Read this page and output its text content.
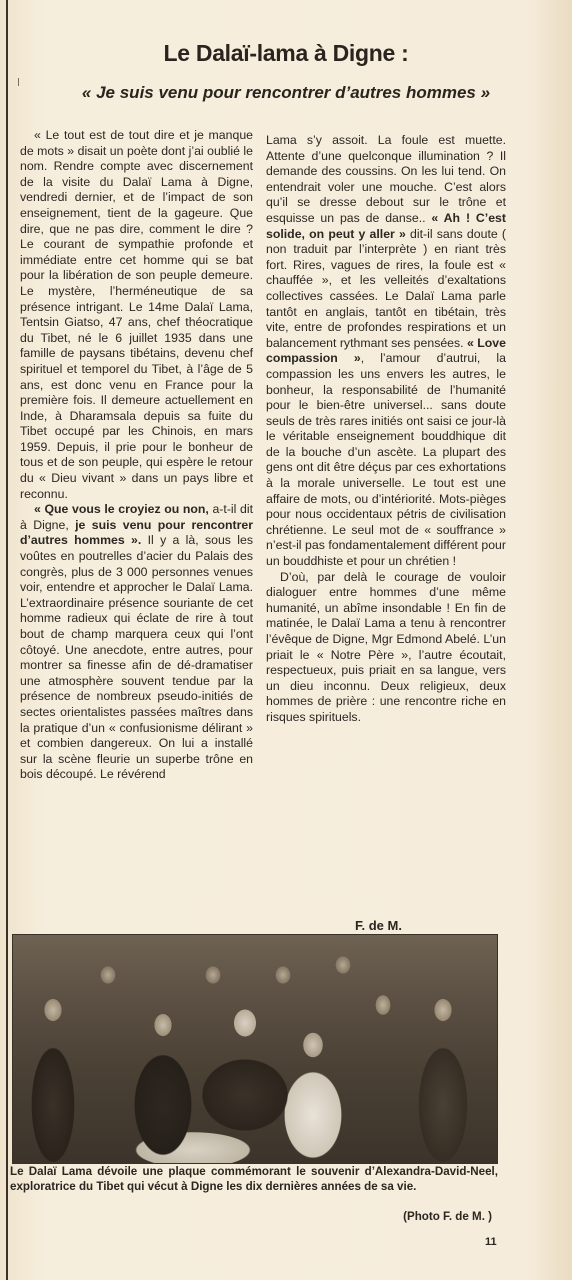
Le Dalaï-lama à Digne :
« Je suis venu pour rencontrer d’autres hommes »

« Le tout est de tout dire et je manque de mots » disait un poète dont j’ai oublié le nom. Rendre compte avec discernement de la visite du Dalaï Lama à Digne, vendredi dernier, et de l’impact de son enseignement, tient de la gageure. Que dire, que ne pas dire, comment le dire ? Le courant de sympathie profonde et immédiate entre cet homme qui se bat pour la libération de son peuple demeure. Le mystère, l’herméneutique de sa présence intrigant. Le 14me Dalaï Lama, Tentsin Giatso, 47 ans, chef théocratique du Tibet, né le 6 juillet 1935 dans une famille de paysans tibétains, devenu chef spirituel et temporel du Tibet, à l’âge de 5 ans, est donc venu en France pour la première fois. Il demeure actuellement en Inde, à Dharamsala depuis sa fuite du Tibet occupé par les Chinois, en mars 1959. Depuis, il prie pour le bonheur de tous et de son peuple, qui espère le retour du « Dieu vivant » dans un pays libre et reconnu.

« Que vous le croyiez ou non, a-t-il dit à Digne, je suis venu pour rencontrer d’autres hommes ». Il y a là, sous les voûtes en poutrelles d’acier du Palais des congrès, plus de 3 000 personnes venues voir, entendre et approcher le Dalaï Lama. L’extraordinaire présence souriante de cet homme radieux qui éclate de rire à tout bout de champ marquera ceux qui l’ont côtoyé. Une anecdote, entre autres, pour montrer sa finesse afin de dé-dramatiser une atmosphère souvent tendue par la présence de nombreux pseudo-initiés de sectes orientalistes passées maîtres dans la pratique d’un « confusionisme délirant » et combien dangereux. On lui a installé sur la scène fleurie un superbe trône en bois découpé. Le révérend

Lama s’y assoit. La foule est muette. Attente d’une quelconque illumination ? Il demande des coussins. On les lui tend. On entendrait voler une mouche. C’est alors qu’il se dresse debout sur le trône et esquisse un pas de danse.. « Ah ! C’est solide, on peut y aller » dit-il sans doute ( non traduit par l’interprète ) en riant très fort. Rires, vagues de rires, la foule est « chauffée », et les velleités d’exaltations collectives cassées. Le Dalaï Lama parle tantôt en anglais, tantôt en tibétain, très vite, entre de profondes respirations et un balancement rythmant ses pensées. « Love compassion », l’amour d’autrui, la compassion les uns envers les autres, le bonheur, la responsabilité de l’humanité pour le bien-être universel... sans doute seuls de très rares initiés ont saisi ce jour-là le véritable enseignement bouddhique dit de la bouche d’un ascète. La plupart des gens ont dit être déçus par ces exhortations à la morale universelle. Le tout est une affaire de mots, ou d’intériorité. Mots-pièges pour nous occidentaux pétris de civilisation chrétienne. Le seul mot de « souffrance » n’est-il pas fondamentalement différent pour un bouddhiste et pour un chrétien !

D’où, par delà le courage de vouloir dialoguer entre hommes d’une même humanité, un abîme insondable ! En fin de matinée, le Dalaï Lama a tenu à rencontrer l’évêque de Digne, Mgr Edmond Abelé. L’un priait le « Notre Père », l’autre écoutait, respectueux, puis priait en sa langue, vers un dieu inconnu. Deux religieux, deux hommes de prière : une rencontre riche en risques spirituels.

F. de M.
Le Dalaï Lama dévoile une plaque commémorant le souvenir d’Alexandra-David-Neel, exploratrice du Tibet qui vécut à Digne les dix dernières années de sa vie.
(Photo F. de M. )
11
